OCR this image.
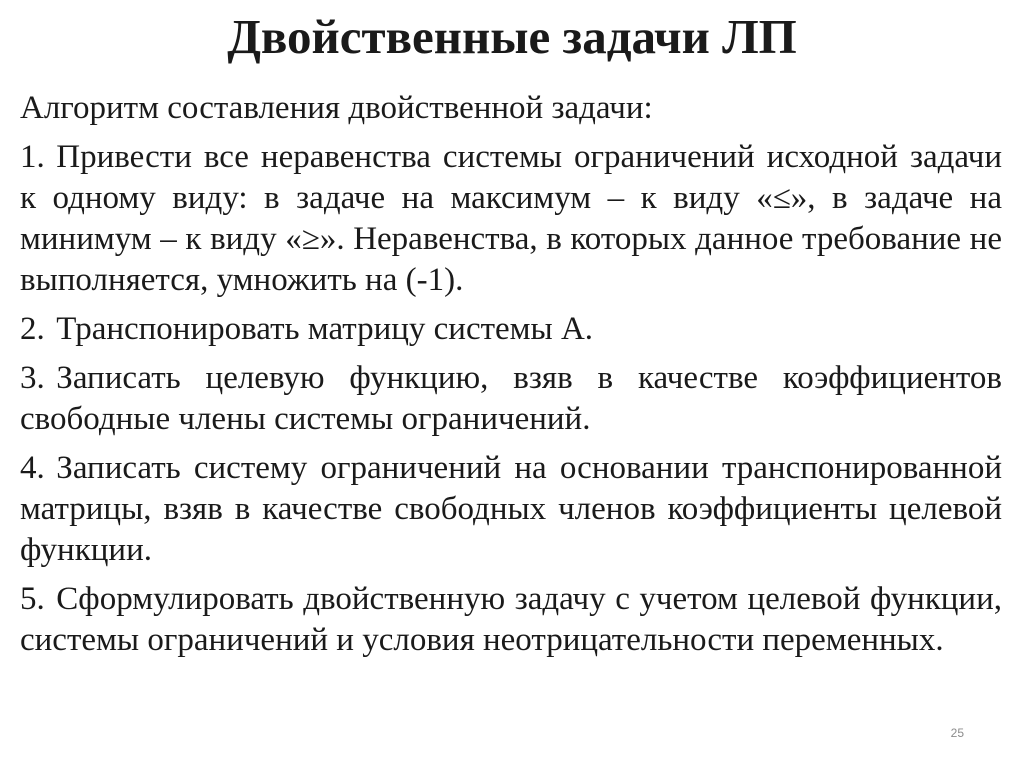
Двойственные задачи ЛП

Алгоритм составления двойственной задачи:

1. Привести все неравенства системы ограничений исходной задачи к одному виду: в задаче на максимум – к виду «≤», в задаче на минимум – к виду «≥». Неравенства, в которых данное требование не выполняется, умножить на (-1).

2. Транспонировать матрицу системы А.

3. Записать целевую функцию, взяв в качестве коэффициентов свободные члены системы ограничений.

4. Записать систему ограничений на основании транспонированной матрицы, взяв в качестве свободных членов коэффициенты целевой функции.

5. Сформулировать двойственную задачу с учетом целевой функции, системы ограничений и условия неотрицательности переменных.

25
